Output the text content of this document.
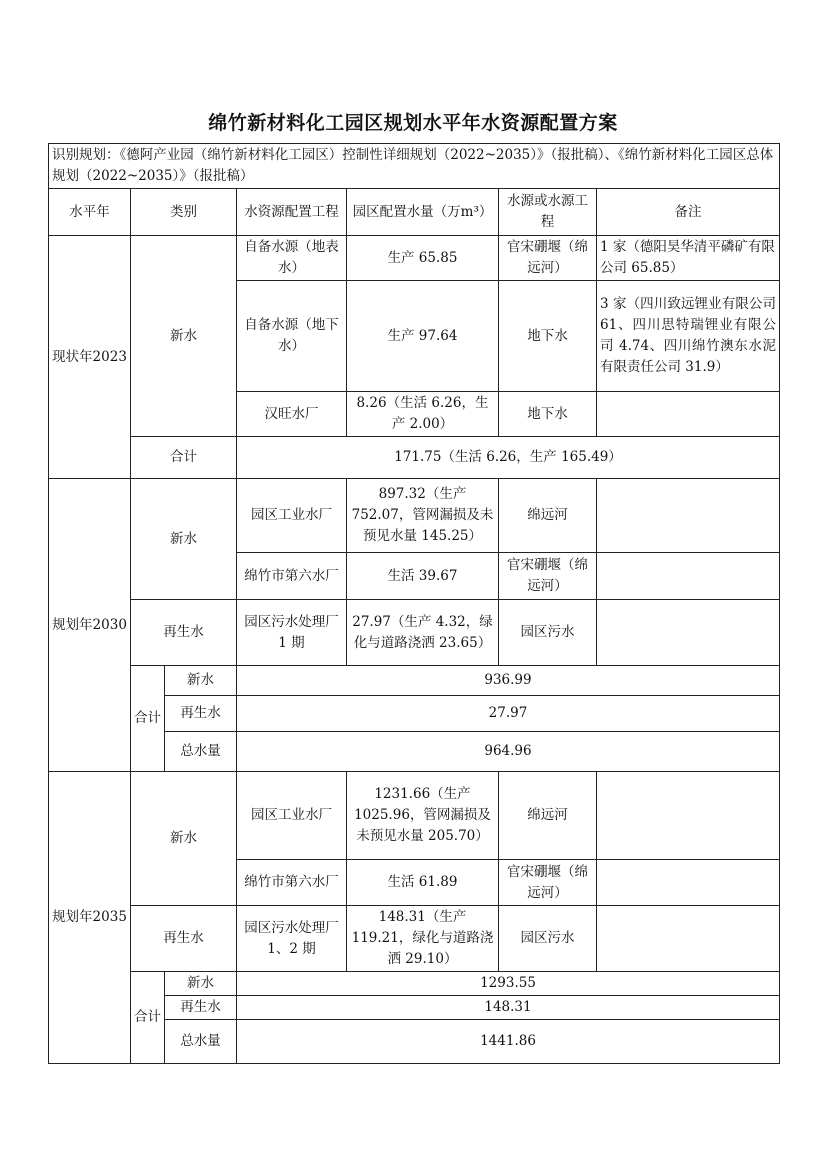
绵竹新材料化工园区规划水平年水资源配置方案
识别规划：《德阿产业园（绵竹新材料化工园区）控制性详细规划（2022~2035）》（报批稿）、《绵竹新材料化工园区总体规划（2022~2035）》（报批稿）						
水平年	类别		水资源配置工程	园区配置水量（万m³）	水源或水源工程	备注
现状年2023	新水		自备水源（地表水）	生产 65.85	官宋硼堰（绵远河）	1 家（德阳昊华清平磷矿有限公司 65.85）
			自备水源（地下水）	生产 97.64	地下水	3 家（四川致远锂业有限公司 61、四川思特瑞锂业有限公司 4.74、四川绵竹澳东水泥有限责任公司 31.9）
			汉旺水厂	8.26（生活 6.26，生产 2.00）	地下水	
	合计		171.75（生活 6.26，生产 165.49）			
规划年2030	新水		园区工业水厂	897.32（生产 752.07，管网漏损及未预见水量 145.25）	绵远河	
			绵竹市第六水厂	生活 39.67	官宋硼堰（绵远河）	
	再生水		园区污水处理厂 1 期	27.97（生产 4.32，绿化与道路浇洒 23.65）	园区污水	
	合计	新水	936.99			
		再生水	27.97			
		总水量	964.96			
规划年2035	新水		园区工业水厂	1231.66（生产 1025.96，管网漏损及未预见水量 205.70）	绵远河	
			绵竹市第六水厂	生活 61.89	官宋硼堰（绵远河）	
	再生水		园区污水处理厂 1、2 期	148.31（生产 119.21，绿化与道路浇洒 29.10）	园区污水	
	合计	新水	1293.55			
		再生水	148.31			
		总水量	1441.86			
